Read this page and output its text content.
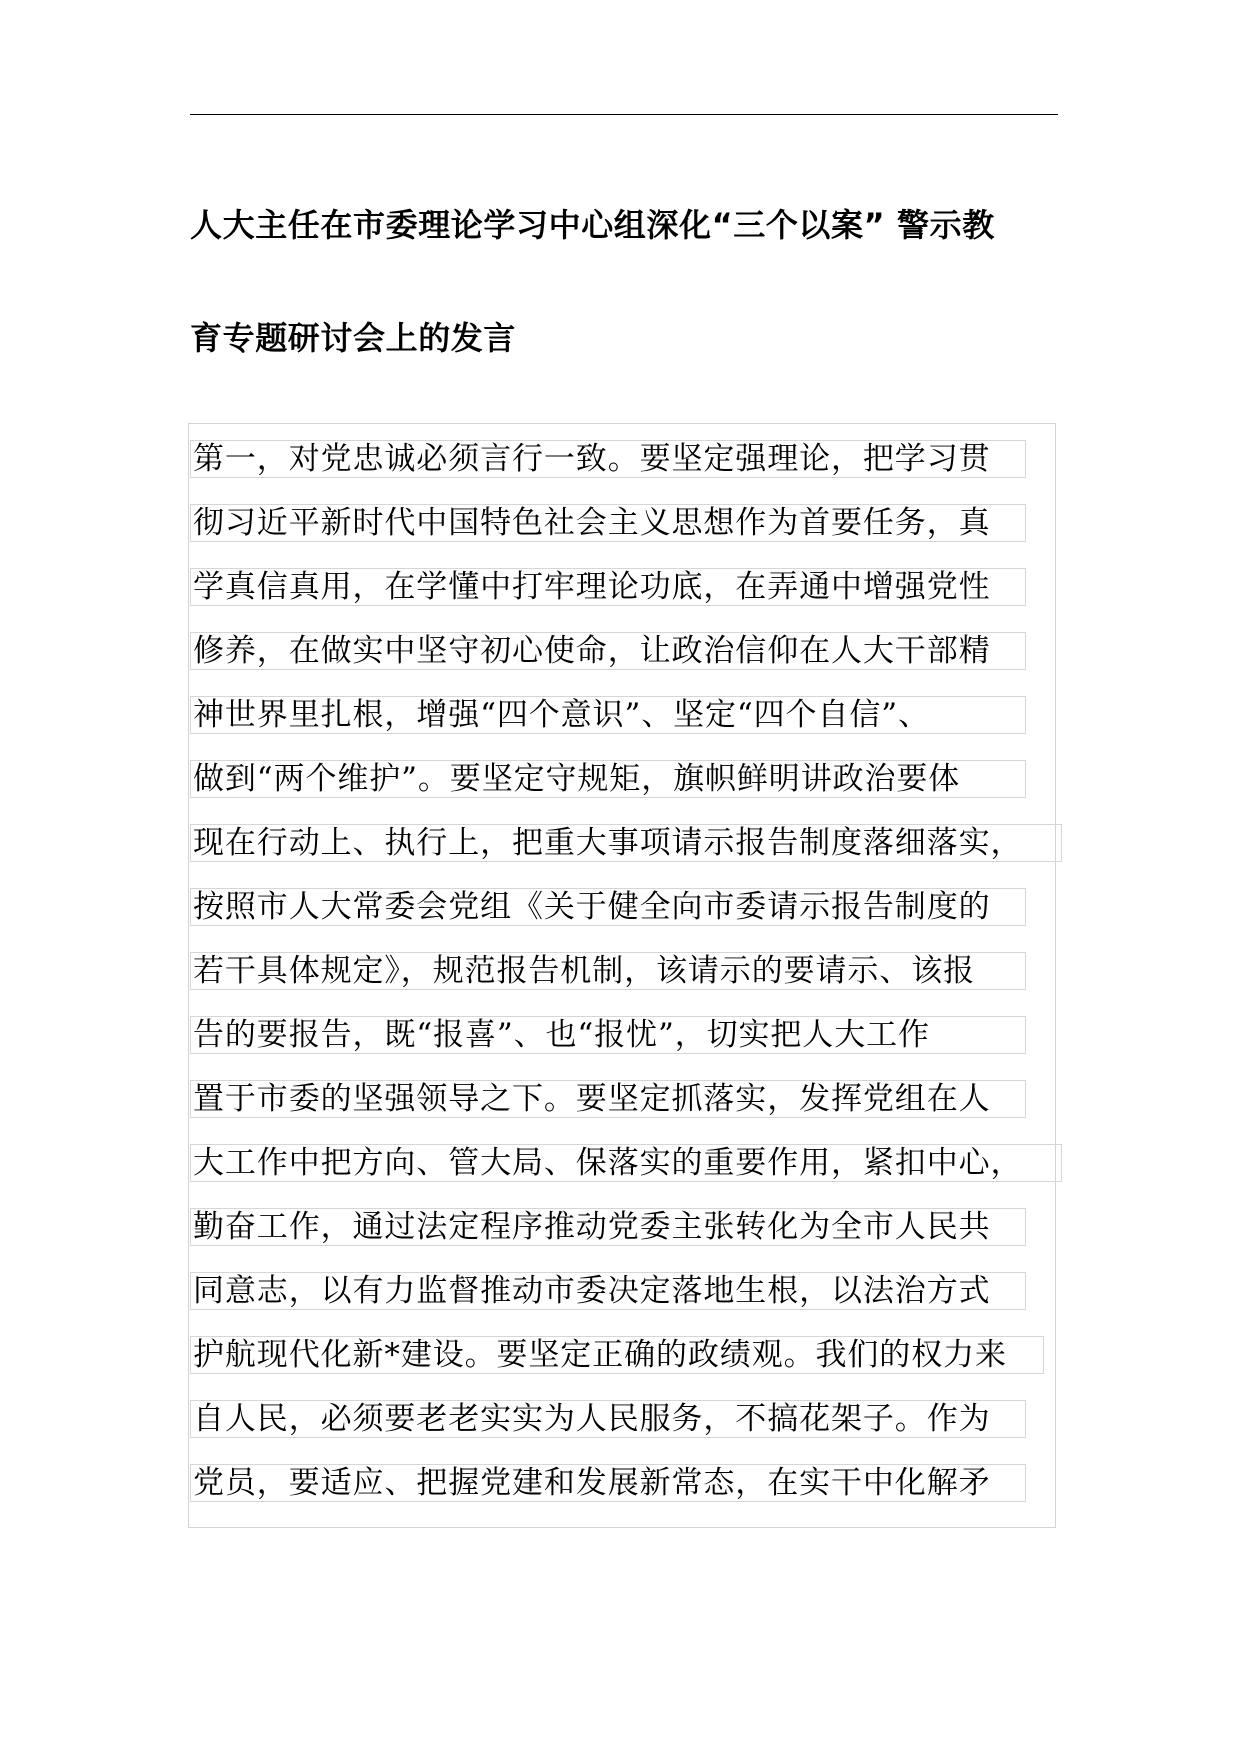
人大主任在市委理论学习中心组深化“三个以案” 警示教
育专题研讨会上的发言
第一，对党忠诚必须言行一致。要坚定强理论，把学习贯
彻习近平新时代中国特色社会主义思想作为首要任务，真
学真信真用，在学懂中打牢理论功底，在弄通中增强党性
修养，在做实中坚守初心使命，让政治信仰在人大干部精
神世界里扎根，增强“四个意识”、坚定“四个自信”、
做到“两个维护”。要坚定守规矩，旗帜鲜明讲政治要体
现在行动上、执行上，把重大事项请示报告制度落细落实，
按照市人大常委会党组《关于健全向市委请示报告制度的
若干具体规定》，规范报告机制，该请示的要请示、该报
告的要报告，既“报喜”、也“报忧”，切实把人大工作
置于市委的坚强领导之下。要坚定抓落实，发挥党组在人
大工作中把方向、管大局、保落实的重要作用，紧扣中心，
勤奋工作，通过法定程序推动党委主张转化为全市人民共
同意志，以有力监督推动市委决定落地生根，以法治方式
护航现代化新*建设。要坚定正确的政绩观。我们的权力来
自人民，必须要老老实实为人民服务，不搞花架子。作为
党员，要适应、把握党建和发展新常态，在实干中化解矛
